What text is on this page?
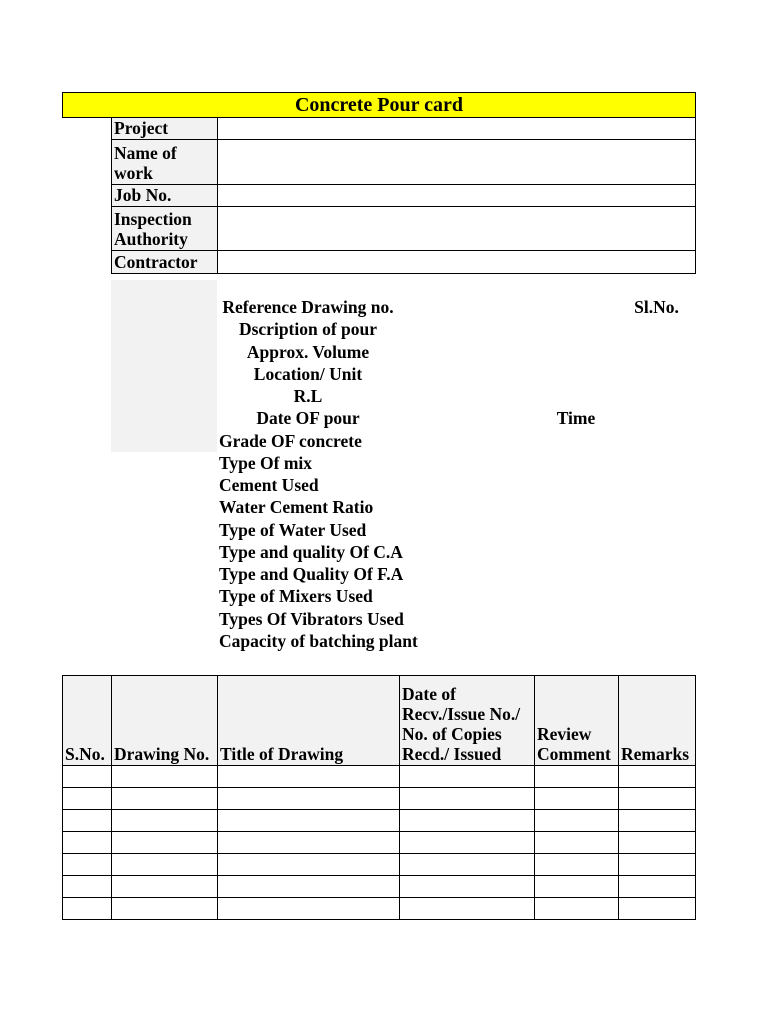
Concrete Pour card
Project	

Name of
work	

Job No.	

Inspection
Authority	

Contractor	

Reference Drawing no.	Sl.No.
Dscription of pour
Approx. Volume
Location/ Unit
R.L
Date OF pour	Time
Grade OF concrete
Type Of mix
Cement Used
Water Cement Ratio
Type of Water Used
Type and quality Of C.A
Type and Quality Of F.A
Type of Mixers Used
Types Of Vibrators Used
Capacity of batching plant
S.No.	Drawing No.	Title of Drawing	Date of
Recv./Issue No./
No. of Copies
Recd./ Issued	Review
Comment	Remarks
